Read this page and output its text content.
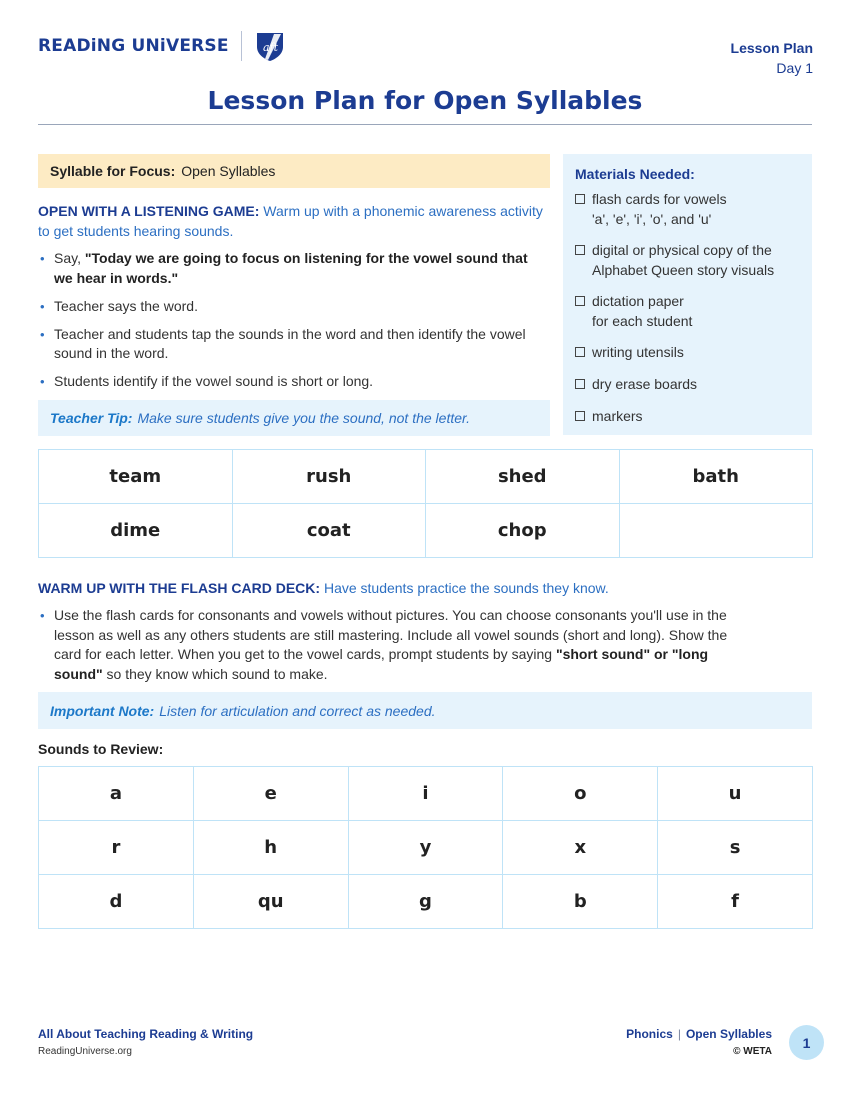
READiNG UNiVERSE	aft	Lesson Plan
Day 1
Lesson Plan for Open Syllables
Syllable for Focus: Open Syllables	Materials Needed:
flash cards for vowels
'a', 'e', 'i', 'o', and 'u'
digital or physical copy of the
Alphabet Queen story visuals
dictation paper
for each student
writing utensils
dry erase boards
markers
OPEN WITH A LISTENING GAME: Warm up with a phonemic awareness activity to get students hearing sounds.
• Say, "Today we are going to focus on listening for the vowel sound that we hear in words."
• Teacher says the word.
• Teacher and students tap the sounds in the word and then identify the vowel sound in the word.
• Students identify if the vowel sound is short or long.
Teacher Tip: Make sure students give you the sound, not the letter.
team	rush	shed	bath
dime	coat	chop	
WARM UP WITH THE FLASH CARD DECK: Have students practice the sounds they know.
• Use the flash cards for consonants and vowels without pictures. You can choose consonants you'll use in the lesson as well as any others students are still mastering. Include all vowel sounds (short and long). Show the card for each letter. When you get to the vowel cards, prompt students by saying "short sound" or "long sound" so they know which sound to make.
Important Note: Listen for articulation and correct as needed.
Sounds to Review:
a	e	i	o	u
r	h	y	x	s
d	qu	g	b	f
All About Teaching Reading & Writing
ReadingUniverse.org
Phonics | Open Syllables
© WETA
1
